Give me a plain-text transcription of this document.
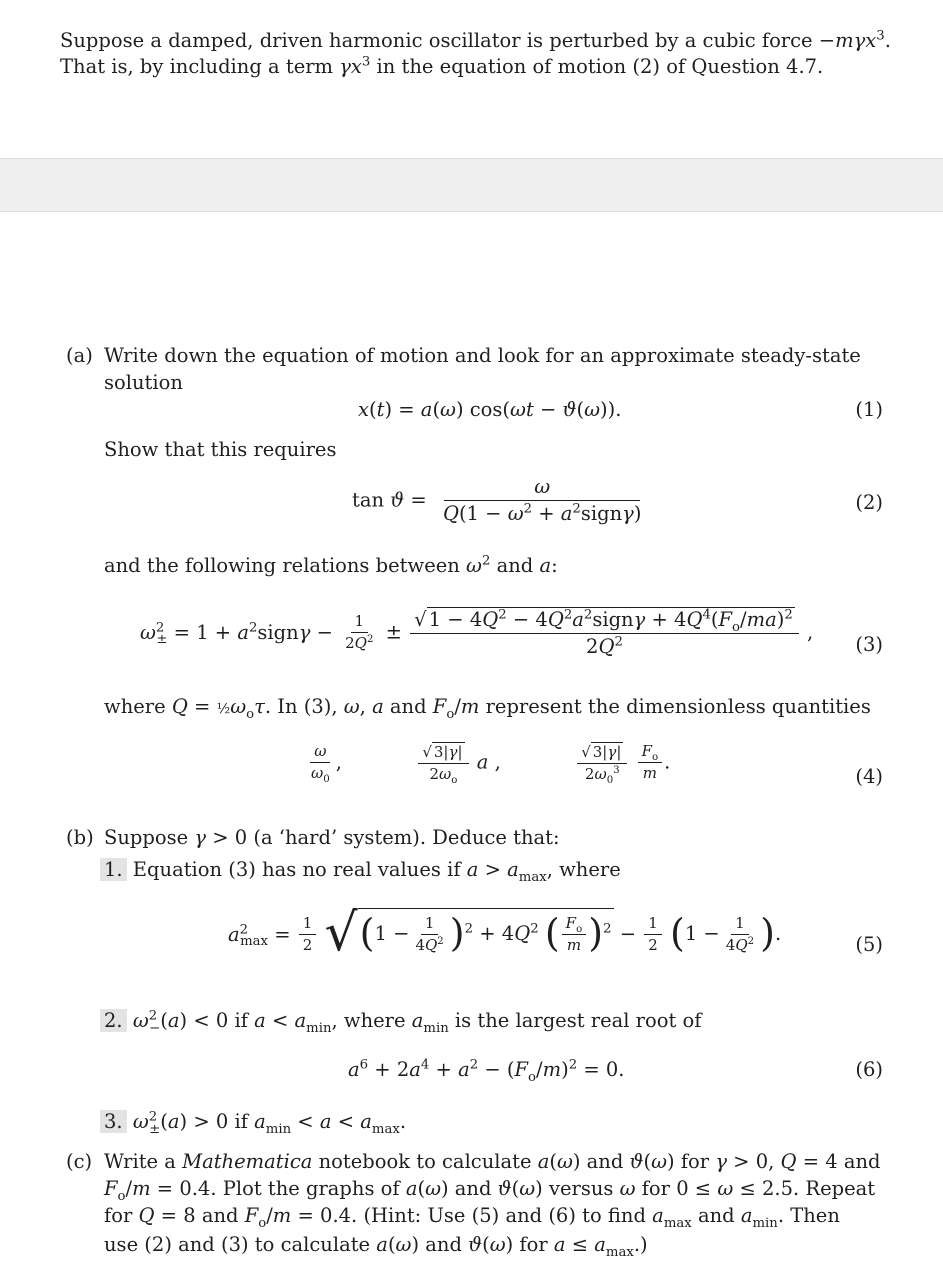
Suppose a damped, driven harmonic oscillator is perturbed by a cubic force −mγx$^3$.
That is, by including a term $\gamma x^3$ in the equation of motion (2) of Question 4.7.
(a) Write down the equation of motion and look for an approximate steady-state
solution
x(t) = a(ω) cos(ωt − ϑ(ω)).	(1)
Show that this requires
$\tan ϑ = \frac{\omega}{Q(1 - \omega^2 + a^2sign\gamma)}$	(2)
and the following relations between $\omega^2$ and a:
$\omega^2_\pm = 1$ + $a^2sign\gamma - \frac{1}{2Q^2} \pm \frac{√ 1 - 4Q^2 - 4Q^2a^2sign\gamma + 4Q^4(F_o/ma)^2}{2Q^2}$ ,
(3)
where $Q = \frac{1}{2}\omega_o\tau$. In (3), ω, a and $F_o/m$ represent the dimensionless quantities
$\frac{\omega}{\omega_0}$ ,	$\frac{√ 3|\gamma|}{2\omega_o}$ a ,	$\frac{√ 3|\gamma|}{2\omega_0^3}$
$\frac{F_o}{m}$ .
(4)
(b) Suppose γ > 0 (a ‘hard’ system). Deduce that:
1. Equation (3) has no real values if $a > a_{max}$, where
$a^2_{max} = \frac{1}{2} √(1 - \frac{1}{4Q^2} )^2 + 4Q^2$ ( $\frac{F_o}{m} )^2 - \frac{1}{2} (1 - \frac{1}{4Q^2}$ ).	(5)
2. $\omega^2_-(a) < 0$ if $a < a_{min}$, where $a_{min}$ is the largest real root of
$a^6 + 2a^4 + a^2 - (F_o/m)^2 = 0$.	(6)
3. $\omega^2_\pm(a) > 0$ if $a_{min} < a < a_{max}$.
(c) Write a Mathematica notebook to calculate a(ω) and ϑ(ω) for γ > 0, Q = 4 and
$F_o/m = 0.4$. Plot the graphs of a(ω) and ϑ(ω) versus ω for 0 ≤ ω ≤ 2.5. Repeat
for Q = 8 and $F_o/m = 0.4$. (Hint: Use (5) and (6) to find $a_{max}$ and $a_{min}$. Then
use (2) and (3) to calculate a(ω) and ϑ(ω) for $a \le a_{max}$.)
